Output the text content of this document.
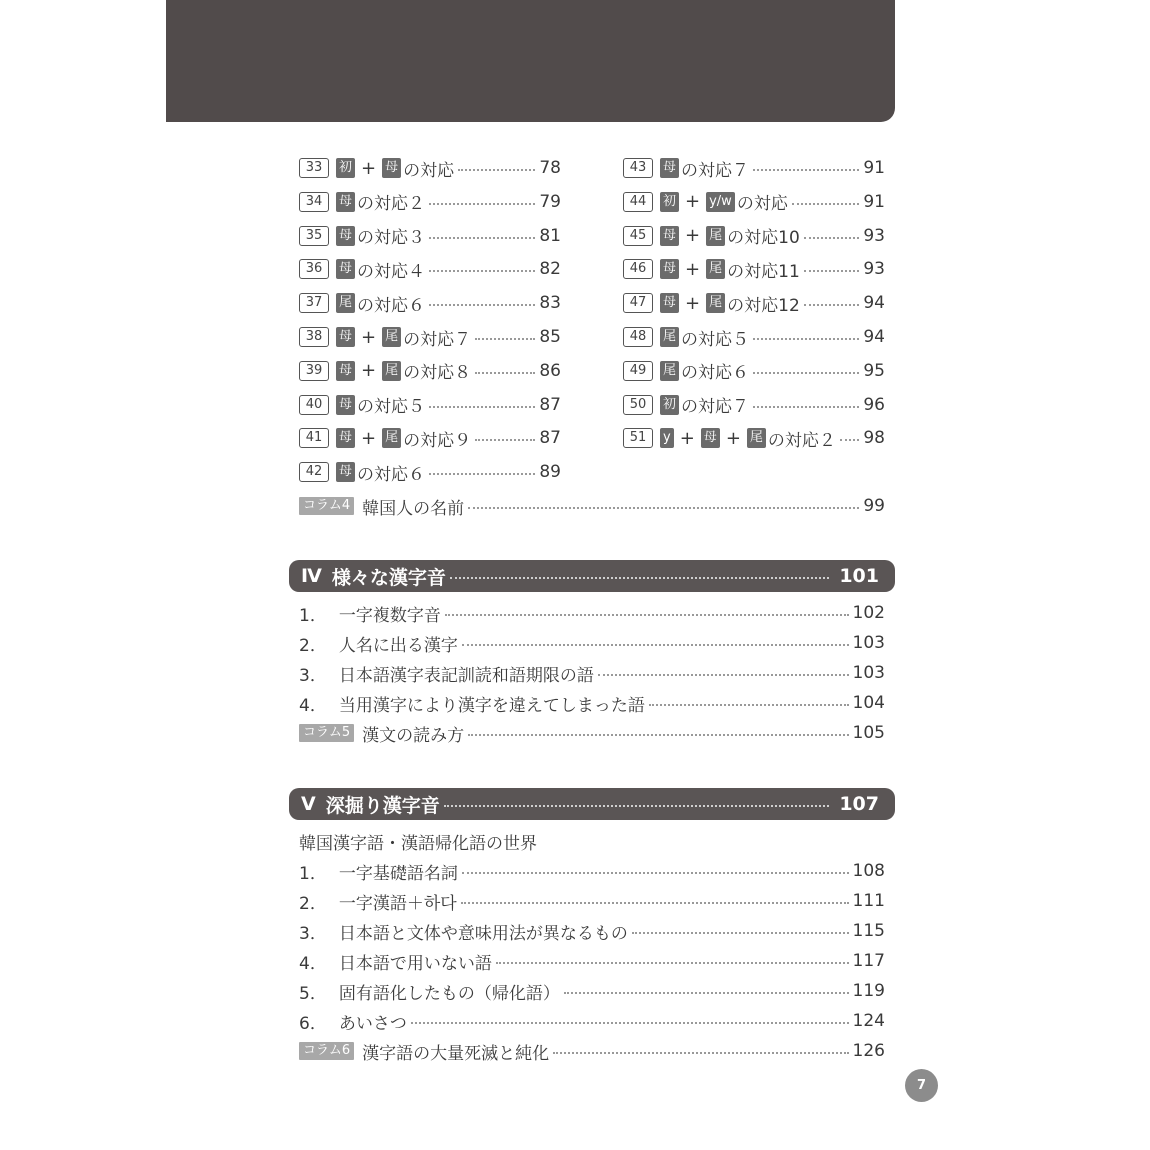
33	初 + 母 の対応	78
34	母 の対応２	79
35	母 の対応３	81
36	母 の対応４	82
37	尾 の対応６	83
38	母 + 尾 の対応７	85
39	母 + 尾 の対応８	86
40	母 の対応５	87
41	母 + 尾 の対応９	87
42	母 の対応６	89
43	母 の対応７	91
44	初 + y/w の対応	91
45	母 + 尾 の対応10	93
46	母 + 尾 の対応11	93
47	母 + 尾 の対応12	94
48	尾 の対応５	94
49	尾 の対応６	95
50	初 の対応７	96
51	y + 母 + 尾 の対応２ 98
コラム4 韓国人の名前	99
Ⅳ 様々な漢字音	101
1． 一字複数字音	102
2． 人名に出る漢字	103
3． 日本語漢字表記訓読和語期限の語	103
4． 当用漢字により漢字を違えてしまった語	104
コラム5 漢文の読み方	105
Ⅴ 深掘り漢字音	107
韓国漢字語・漢語帰化語の世界
1． 一字基礎語名詞	108
2． 一字漢語＋하다	111
3． 日本語と文体や意味用法が異なるもの	115
4． 日本語で用いない語	117
5． 固有語化したもの（帰化語）	119
6． あいさつ	124
コラム6 漢字語の大量死滅と純化	126
7
